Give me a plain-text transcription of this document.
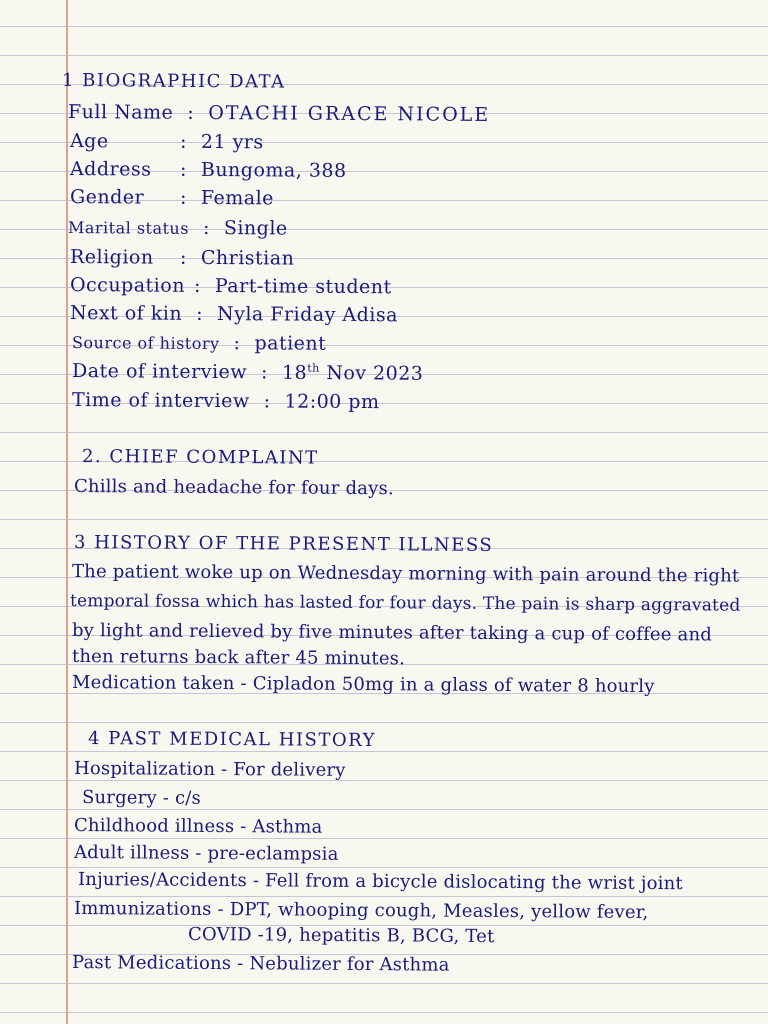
1 BIOGRAPHIC DATA
Full Name : OTACHI GRACE NICOLE
Age	: 21 yrs
Address : Bungoma, 388
Gender : Female
Marital status : Single
Religion : Christian
Occupation : Part-time student
Next of kin : Nyla Friday Adisa
Source of history : patient
Date of interview : 18th Nov 2023
Time of interview : 12:00 pm
2. CHIEF COMPLAINT
Chills and headache for four days.
3 HISTORY OF THE PRESENT ILLNESS
The patient woke up on Wednesday morning with pain around the right
temporal fossa which has lasted for four days. The pain is sharp aggravated
by light and relieved by five minutes after taking a cup of coffee and
then returns back after 45 minutes.
Medication taken - Cipladon 50mg in a glass of water 8 hourly
4 PAST MEDICAL HISTORY
Hospitalization - For delivery
Surgery - c/s
Childhood illness - Asthma
Adult illness - pre-eclampsia
Injuries/Accidents - Fell from a bicycle dislocating the wrist joint
Immunizations - DPT, whooping cough, Measles, yellow fever,
COVID -19, hepatitis B, BCG, Tet
Past Medications - Nebulizer for Asthma
